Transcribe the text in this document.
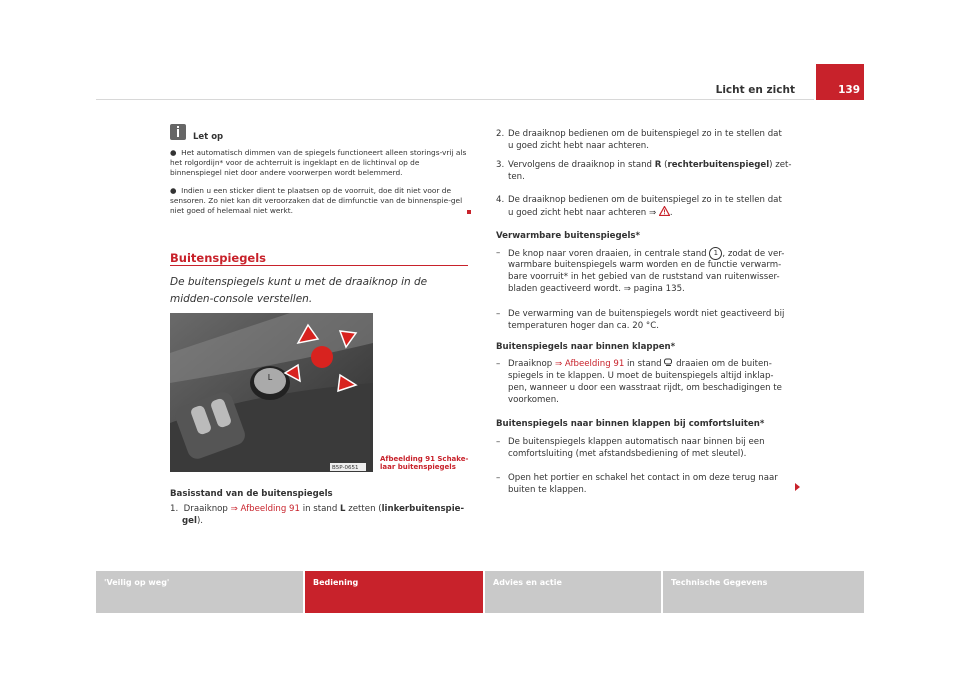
Licht en zicht	139
Let op
●  Het automatisch dimmen van de spiegels functioneert alleen storings-vrij als het rolgordijn* voor de achterruit is ingeklapt en de lichtinval op de binnenspiegel niet door andere voorwerpen wordt belemmerd.
●  Indien u een sticker dient te plaatsen op de voorruit, doe dit niet voor de sensoren. Zo niet kan dit veroorzaken dat de dimfunctie van de binnenspie-gel niet goed of helemaal niet werkt.
Buitenspiegels
De buitenspiegels kunt u met de draaiknop in de midden-console verstellen.
L
B5P-0651
Afbeelding 91 Schake-
laar buitenspiegels
Basisstand van de buitenspiegels
1. Draaiknop ⇒ Afbeelding 91 in stand L zetten (linkerbuitenspie-
gel).
2. De draaiknop bedienen om de buitenspiegel zo in te stellen dat
u goed zicht hebt naar achteren.
3. Vervolgens de draaiknop in stand R (rechterbuitenspiegel) zet-
ten.
4. De draaiknop bedienen om de buitenspiegel zo in te stellen dat
u goed zicht hebt naar achteren ⇒ .
Verwarmbare buitenspiegels*
– De knop naar voren draaien, in centrale stand 1 , zodat de ver-
warmbare buitenspiegels warm worden en de functie verwarm-
bare voorruit* in het gebied van de ruststand van ruitenwisser-
bladen geactiveerd wordt. ⇒ pagina 135.
– De verwarming van de buitenspiegels wordt niet geactiveerd bij
temperaturen hoger dan ca. 20 °C.
Buitenspiegels naar binnen klappen*
– Draaiknop ⇒ Afbeelding 91 in stand  draaien om de buiten-
spiegels in te klappen. U moet de buitenspiegels altijd inklap-
pen, wanneer u door een wasstraat rijdt, om beschadigingen te
voorkomen.
Buitenspiegels naar binnen klappen bij comfortsluiten*
– De buitenspiegels klappen automatisch naar binnen bij een
comfortsluiting (met afstandsbediening of met sleutel).
– Open het portier en schakel het contact in om deze terug naar
buiten te klappen.
'Veilig op weg'	Bediening	Advies en actie	Technische Gegevens
